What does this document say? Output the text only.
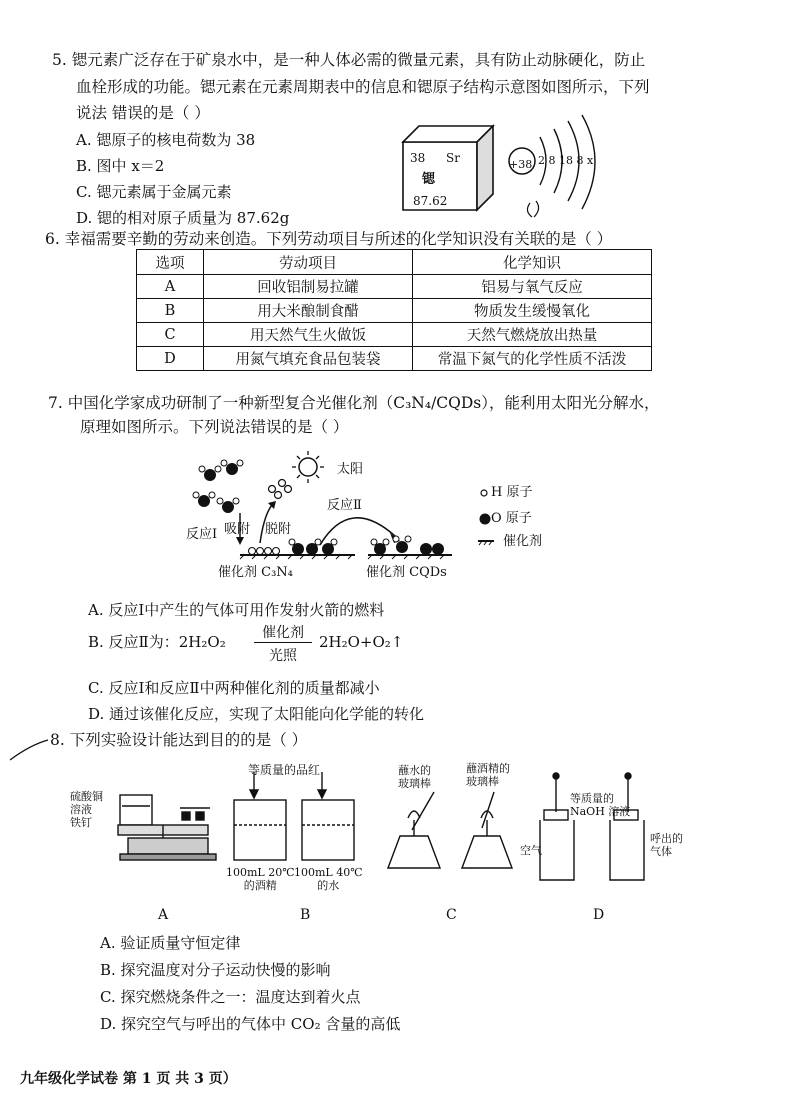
5. 锶元素广泛存在于矿泉水中，是一种人体必需的微量元素，具有防止动脉硬化，防止
血栓形成的功能。锶元素在元素周期表中的信息和锶原子结构示意图如图所示，下列
说法 错误的是（ ）
A. 锶原子的核电荷数为 38
B. 图中 x＝2
C. 锶元素属于金属元素
D. 锶的相对原子质量为 87.62g
38 Sr
锶
87.62
+38 2 8 18 8 x
6. 幸福需要辛勤的劳动来创造。下列劳动项目与所述的化学知识没有关联的是（ ）
选项	劳动项目	化学知识
A	回收铝制易拉罐	铝易与氧气反应
B	用大米酿制食醋	物质发生缓慢氧化
C	用天然气生火做饭	天然气燃烧放出热量
D	用氮气填充食品包装袋	常温下氮气的化学性质不活泼
7. 中国化学家成功研制了一种新型复合光催化剂（C₃N₄/CQDs），能利用太阳光分解水，
原理如图所示。下列说法错误的是（ ）
太阳
反应Ⅰ 吸附 脱附
反应Ⅱ
催化剂 C₃N₄	催化剂 CQDs
H 原子
O 原子
催化剂
A. 反应Ⅰ中产生的气体可用作发射火箭的燃料
B. 反应Ⅱ为：2H₂O₂	催化剂
光照
2H₂O+O₂↑
C. 反应Ⅰ和反应Ⅱ中两种催化剂的质量都减小
D. 通过该催化反应，实现了太阳能向化学能的转化
8. 下列实验设计能达到目的的是（ ）
硫酸铜
溶液
铁钉
A
等质量的品红
100mL 20℃
的酒精
100mL 40℃
的水
B
蘸水的
玻璃棒
蘸酒精的
玻璃棒
C
等质量的
NaOH 溶液
空气
呼出的
气体
D
A. 验证质量守恒定律
B. 探究温度对分子运动快慢的影响
C. 探究燃烧条件之一：温度达到着火点
D. 探究空气与呼出的气体中 CO₂ 含量的高低
九年级化学试卷 第 1 页 共 3 页）
